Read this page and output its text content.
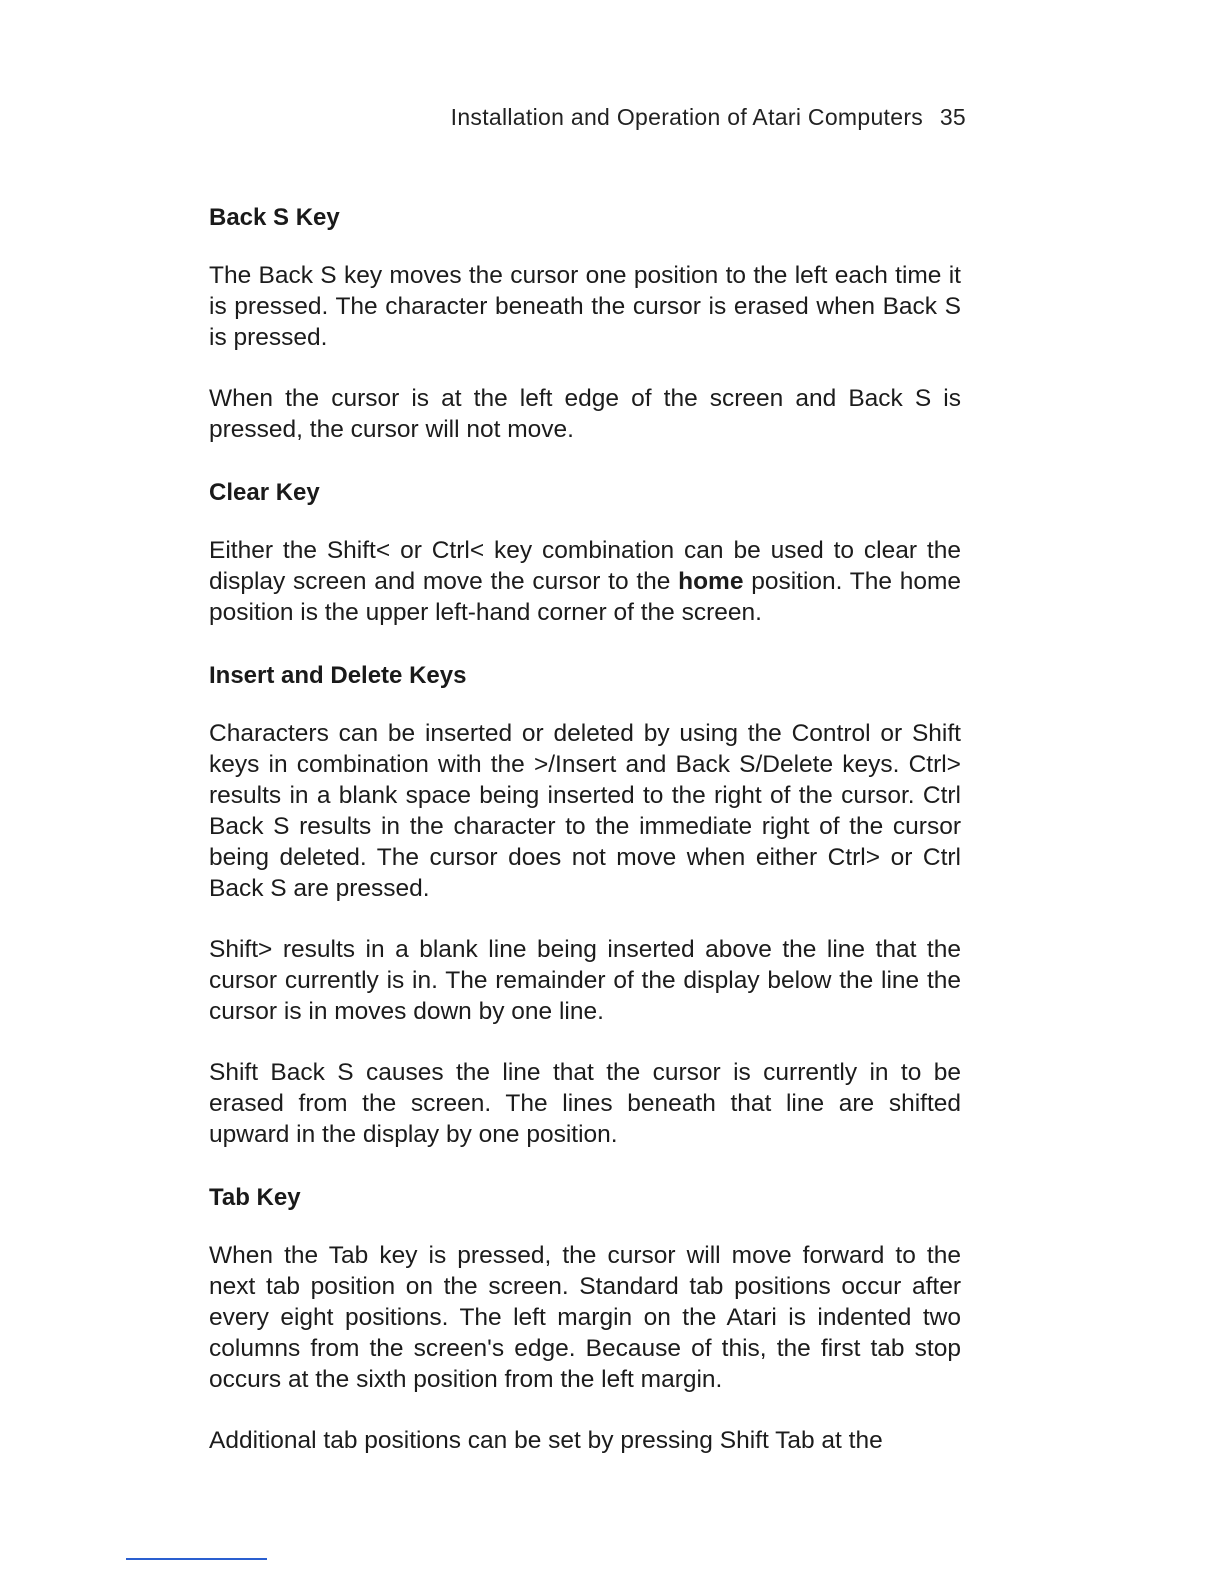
Installation and Operation of Atari Computers 35
Back S Key

The Back S key moves the cursor one position to the left each time it is pressed. The character beneath the cursor is erased when Back S is pressed.

When the cursor is at the left edge of the screen and Back S is pressed, the cursor will not move.

Clear Key

Either the Shift< or Ctrl< key combination can be used to clear the display screen and move the cursor to the home position. The home position is the upper left-hand corner of the screen.

Insert and Delete Keys

Characters can be inserted or deleted by using the Control or Shift keys in combination with the >/Insert and Back S/Delete keys. Ctrl> results in a blank space being inserted to the right of the cursor. Ctrl Back S results in the character to the immediate right of the cursor being deleted. The cursor does not move when either Ctrl> or Ctrl Back S are pressed.

Shift> results in a blank line being inserted above the line that the cursor currently is in. The remainder of the display below the line the cursor is in moves down by one line.

Shift Back S causes the line that the cursor is currently in to be erased from the screen. The lines beneath that line are shifted upward in the display by one position.

Tab Key

When the Tab key is pressed, the cursor will move forward to the next tab position on the screen. Standard tab positions occur after every eight positions. The left margin on the Atari is indented two columns from the screen's edge. Because of this, the first tab stop occurs at the sixth position from the left margin.

Additional tab positions can be set by pressing Shift Tab at the
